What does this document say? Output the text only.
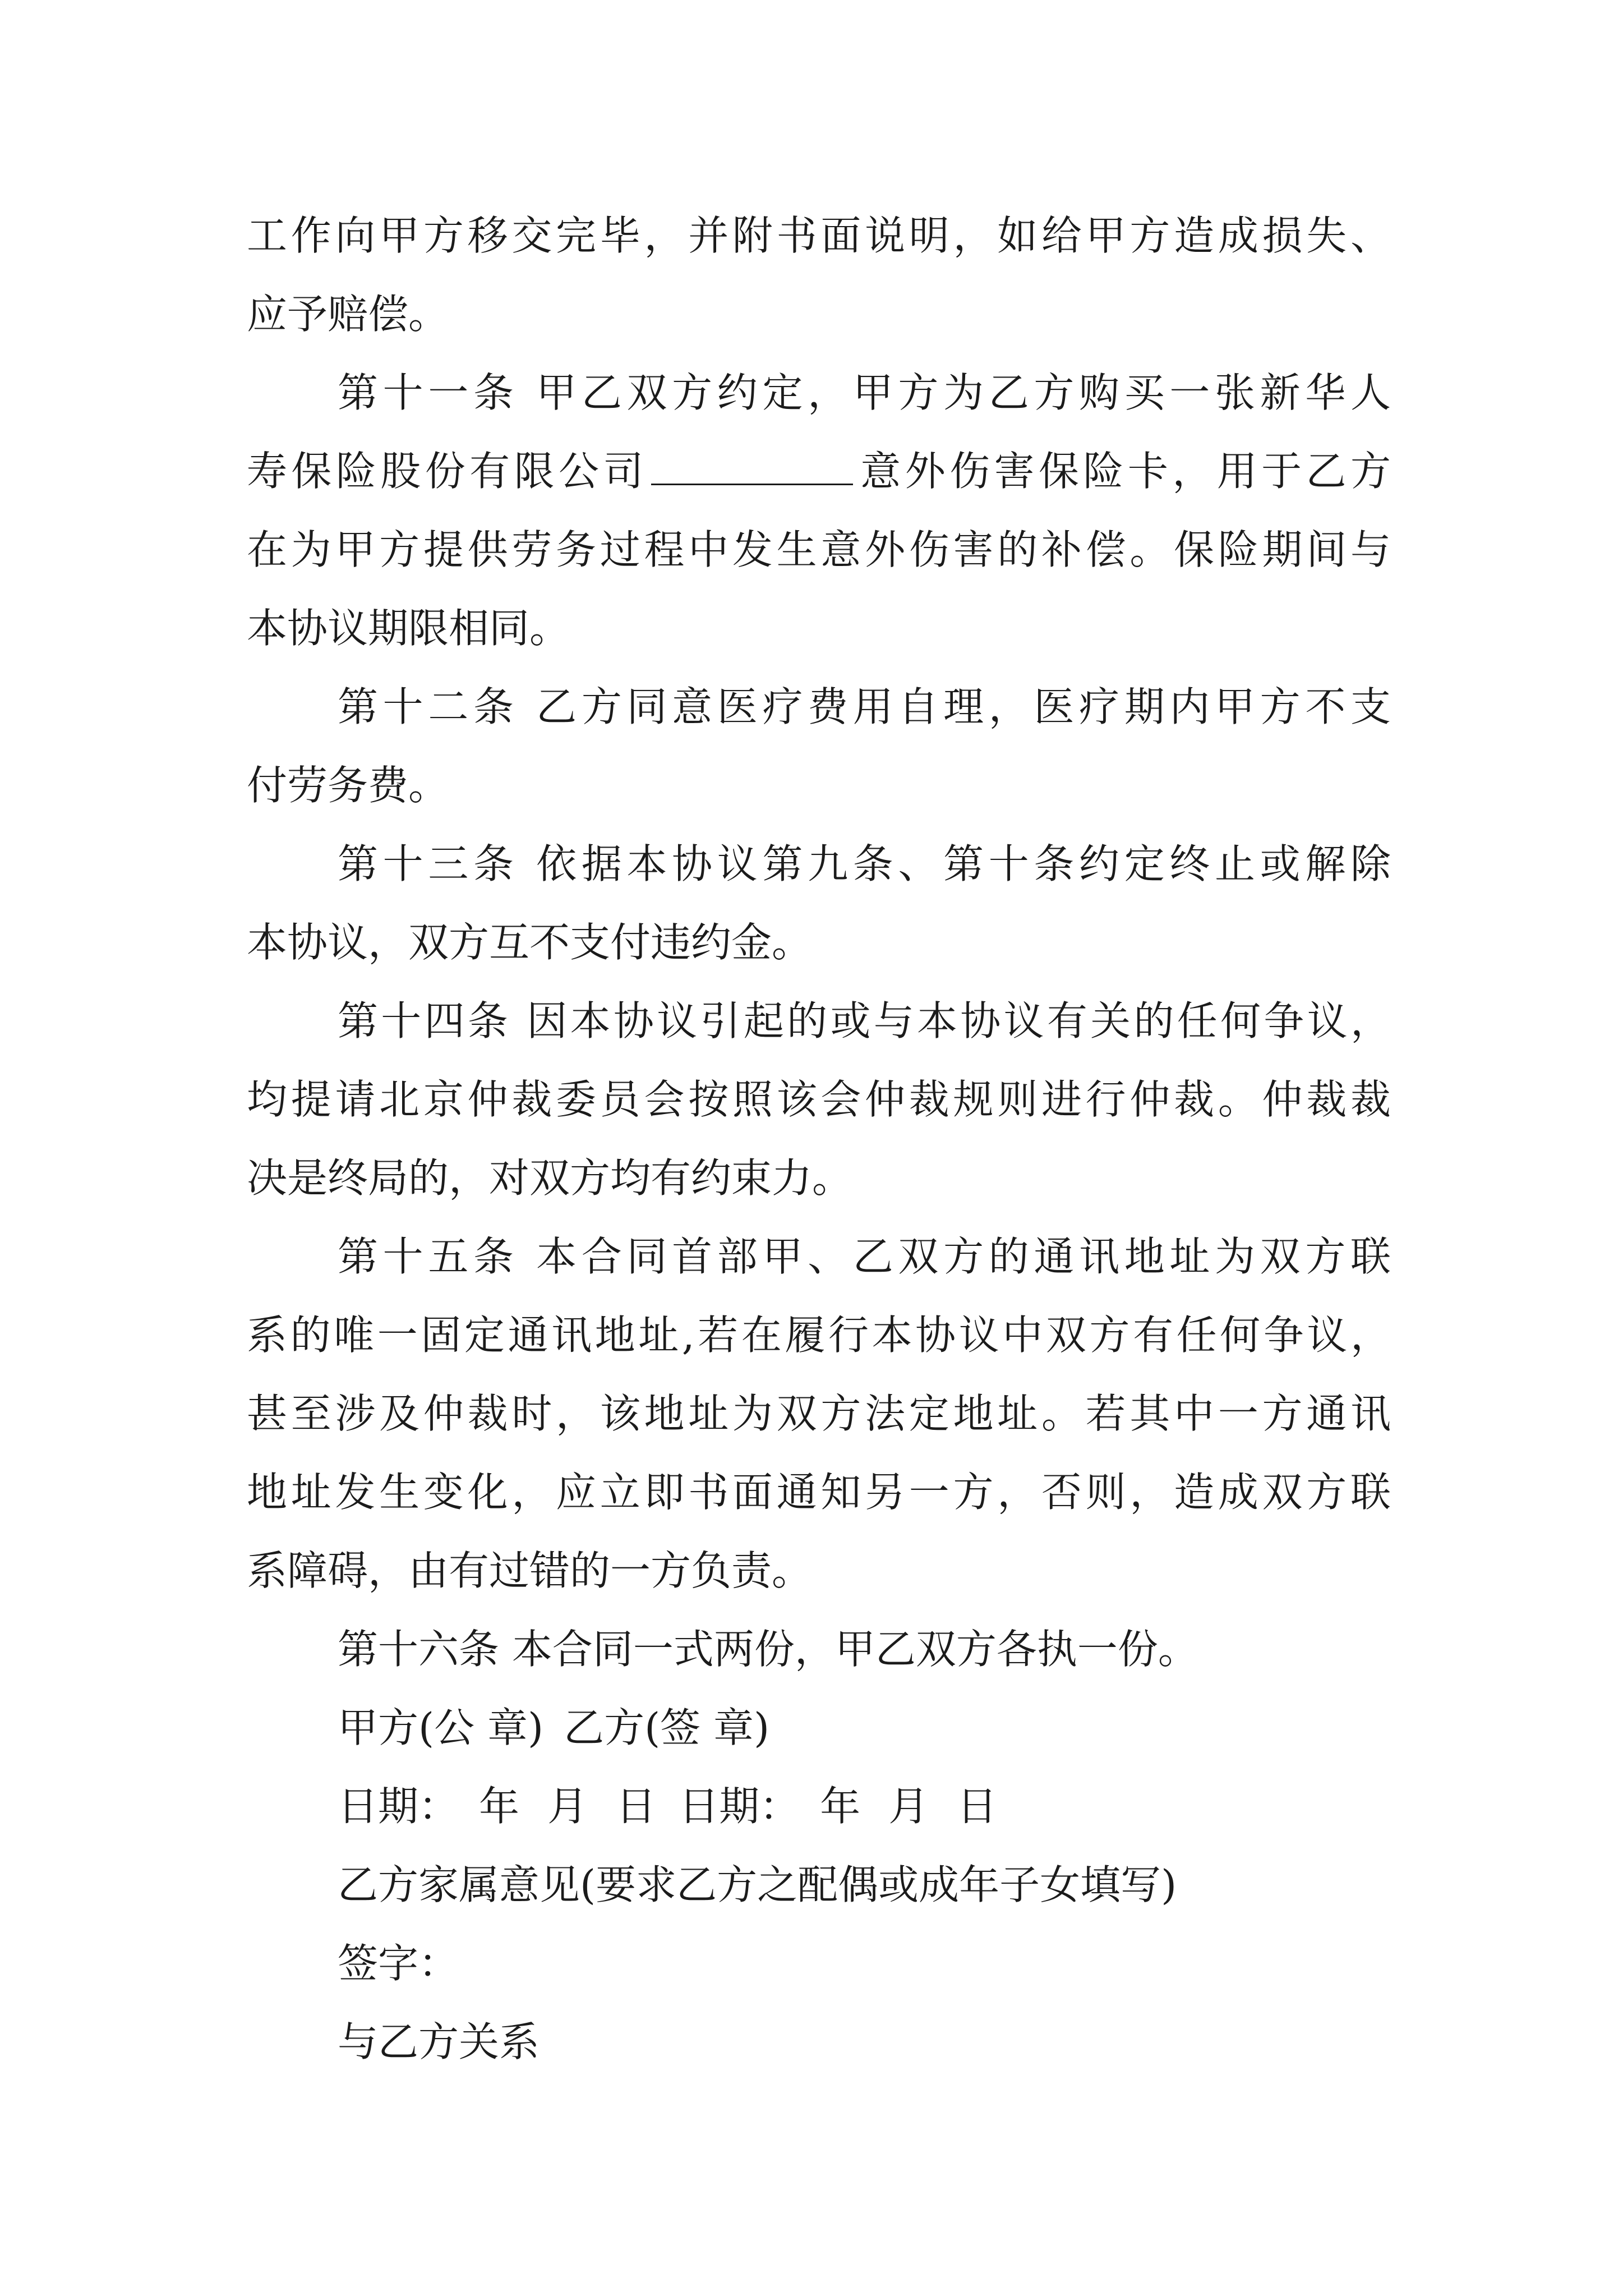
工作向甲方移交完毕，并附书面说明，如给甲方造成损失、

应予赔偿。

第十一条 甲乙双方约定，甲方为乙方购买一张新华人

寿保险股份有限公司	意外伤害保险卡，用于乙方

在为甲方提供劳务过程中发生意外伤害的补偿。保险期间与

本协议期限相同。

第十二条 乙方同意医疗费用自理，医疗期内甲方不支

付劳务费。

第十三条 依据本协议第九条、第十条约定终止或解除

本协议，双方互不支付违约金。

第十四条 因本协议引起的或与本协议有关的任何争议，

均提请北京仲裁委员会按照该会仲裁规则进行仲裁。仲裁裁

决是终局的，对双方均有约束力。

第十五条 本合同首部甲、乙双方的通讯地址为双方联

系的唯一固定通讯地址,若在履行本协议中双方有任何争议，

甚至涉及仲裁时，该地址为双方法定地址。若其中一方通讯

地址发生变化，应立即书面通知另一方，否则，造成双方联

系障碍，由有过错的一方负责。

第十六条 本合同一式两份，甲乙双方各执一份。

甲方(公 章) 乙方(签 章)

日期： 年 月 日 日期： 年 月 日

乙方家属意见(要求乙方之配偶或成年子女填写)

签字：

与乙方关系
